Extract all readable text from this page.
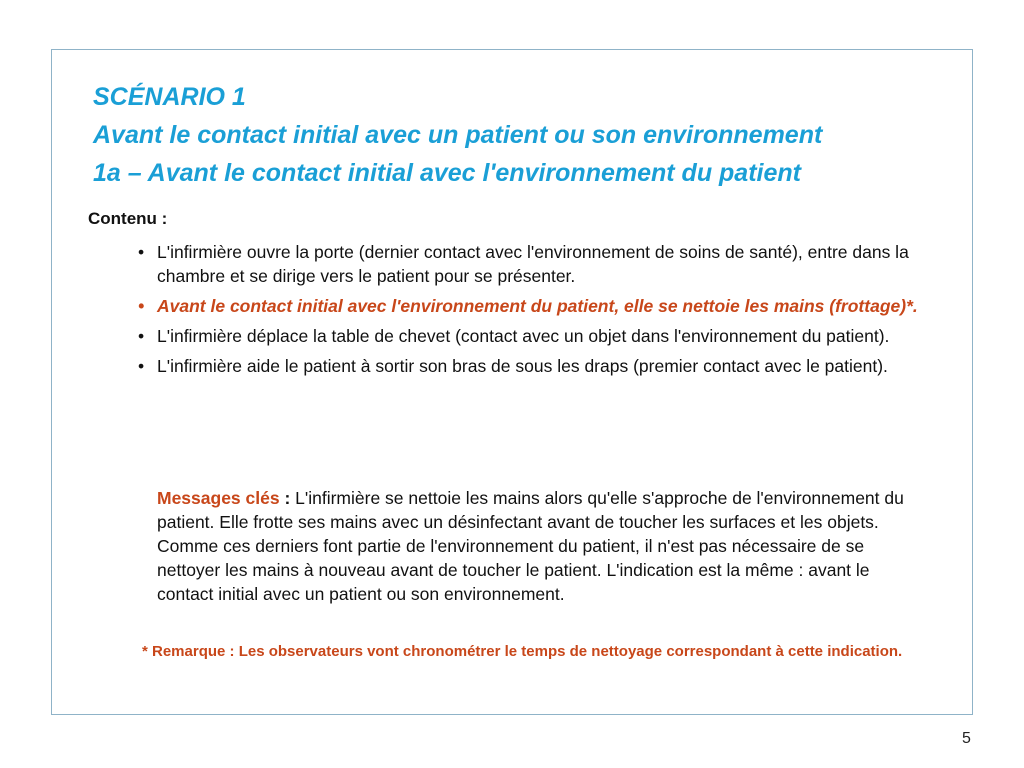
SCÉNARIO 1
Avant le contact initial avec un patient ou son environnement
1a – Avant le contact initial avec l'environnement du patient
Contenu :
• L'infirmière ouvre la porte (dernier contact avec l'environnement de soins de santé), entre dans la chambre et se dirige vers le patient pour se présenter.
• Avant le contact initial avec l'environnement du patient, elle se nettoie les mains (frottage)*.
• L'infirmière déplace la table de chevet (contact avec un objet dans l'environnement du patient).
• L'infirmière aide le patient à sortir son bras de sous les draps (premier contact avec le patient).
Messages clés : L'infirmière se nettoie les mains alors qu'elle s'approche de l'environnement du patient. Elle frotte ses mains avec un désinfectant avant de toucher les surfaces et les objets. Comme ces derniers font partie de l'environnement du patient, il n'est pas nécessaire de se nettoyer les mains à nouveau avant de toucher le patient. L'indication est la même : avant le contact initial avec un patient ou son environnement.
* Remarque : Les observateurs vont chronométrer le temps de nettoyage correspondant à cette indication.
5
